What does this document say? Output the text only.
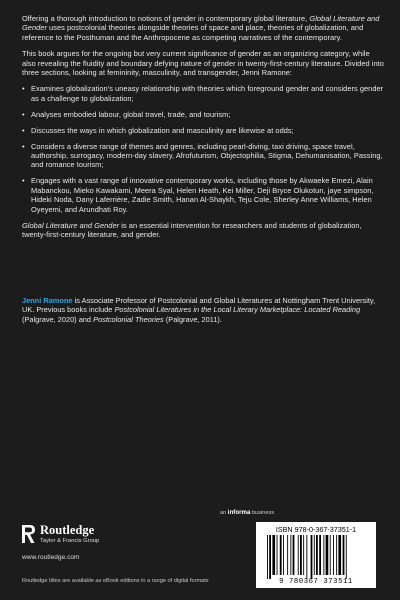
Offering a thorough introduction to notions of gender in contemporary global literature, Global Literature and Gender uses postcolonial theories alongside theories of space and place, theories of globalization, and reference to the Posthuman and the Anthropocene as competing narratives of the contemporary.

This book argues for the ongoing but very current significance of gender as an organizing category, while also revealing the fluidity and boundary defying nature of gender in twenty-first-century literature. Divided into three sections, looking at femininity, masculinity, and transgender, Jenni Ramone:

• Examines globalization’s uneasy relationship with theories which foreground gender and considers gender as a challenge to globalization;
• Analyses embodied labour, global travel, trade, and tourism;
• Discusses the ways in which globalization and masculinity are likewise at odds;
• Considers a diverse range of themes and genres, including pearl-diving, taxi driving, space travel, authorship, surrogacy, modern-day slavery, Afrofuturism, Objectophilia, Stigma, Dehumanisation, Passing, and romance tourism;
• Engages with a vast range of innovative contemporary works, including those by Akwaeke Emezi, Alain Mabanckou, Mieko Kawakami, Meera Syal, Helen Heath, Kei Miller, Deji Bryce Olukotun, jaye simpson, Hideki Noda, Dany Laferrière, Zadie Smith, Hanan Al-Shaykh, Teju Cole, Sherley Anne Williams, Helen Oyeyemi, and Arundhati Roy.

Global Literature and Gender is an essential intervention for researchers and students of globalization, twenty-first-century literature, and gender.

Jenni Ramone is Associate Professor of Postcolonial and Global Literatures at Nottingham Trent University, UK. Previous books include Postcolonial Literatures in the Local Literary Marketplace: Located Reading (Palgrave, 2020) and Postcolonial Theories (Palgrave, 2011).
an informa business
Routledge
Taylor & Francis Group
www.routledge.com
Routledge titles are available as eBook editions in a range of digital formats
ISBN 978-0-367-37351-1
9 780367 373511
